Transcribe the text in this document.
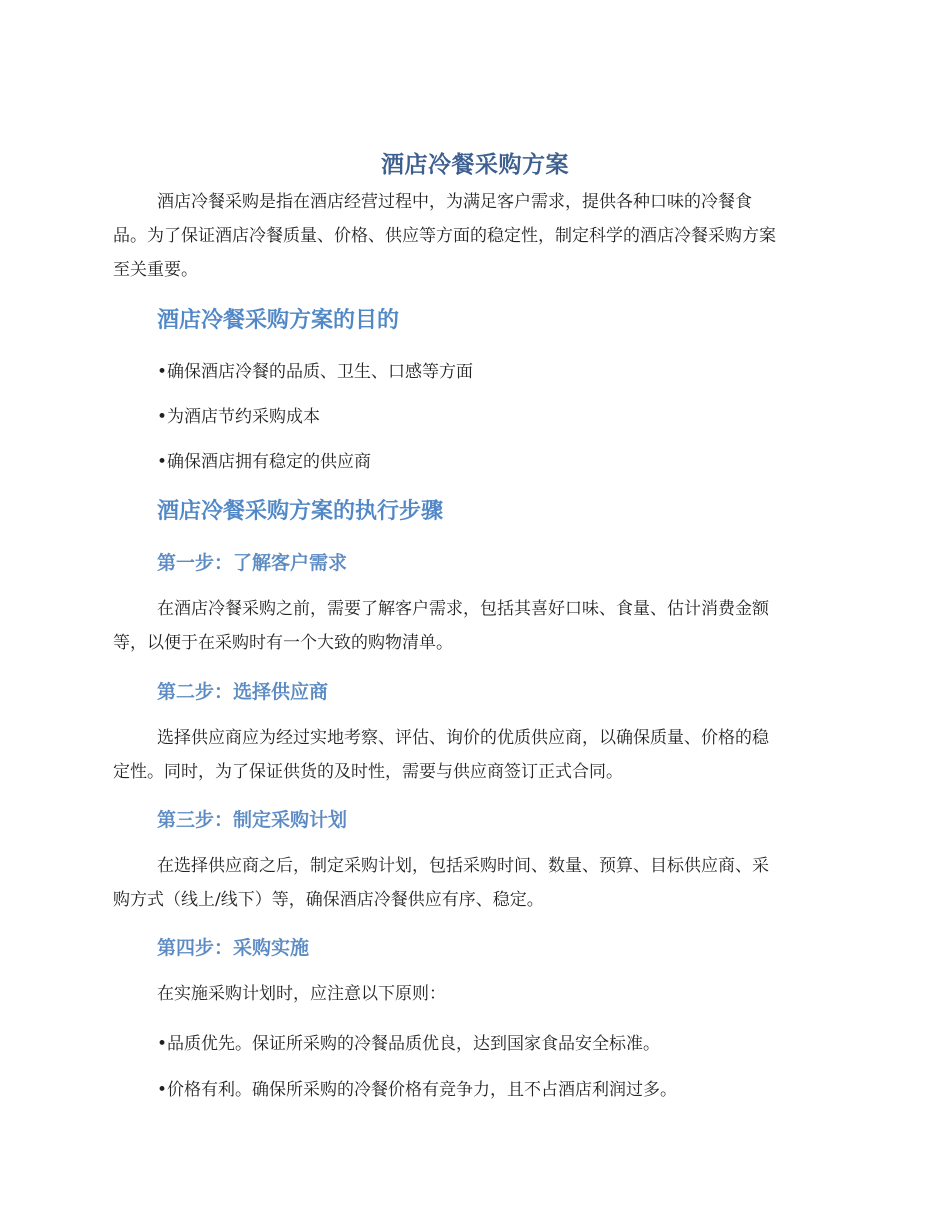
酒店冷餐采购方案
酒店冷餐采购是指在酒店经营过程中，为满足客户需求，提供各种口味的冷餐食
品。为了保证酒店冷餐质量、价格、供应等方面的稳定性，制定科学的酒店冷餐采购方案
至关重要。
酒店冷餐采购方案的目的
•确保酒店冷餐的品质、卫生、口感等方面
•为酒店节约采购成本
•确保酒店拥有稳定的供应商
酒店冷餐采购方案的执行步骤
第一步：了解客户需求
在酒店冷餐采购之前，需要了解客户需求，包括其喜好口味、食量、估计消费金额
等，以便于在采购时有一个大致的购物清单。
第二步：选择供应商
选择供应商应为经过实地考察、评估、询价的优质供应商，以确保质量、价格的稳
定性。同时，为了保证供货的及时性，需要与供应商签订正式合同。
第三步：制定采购计划
在选择供应商之后，制定采购计划，包括采购时间、数量、预算、目标供应商、采
购方式（线上/线下）等，确保酒店冷餐供应有序、稳定。
第四步：采购实施
在实施采购计划时，应注意以下原则：
•品质优先。保证所采购的冷餐品质优良，达到国家食品安全标准。
•价格有利。确保所采购的冷餐价格有竞争力，且不占酒店利润过多。
